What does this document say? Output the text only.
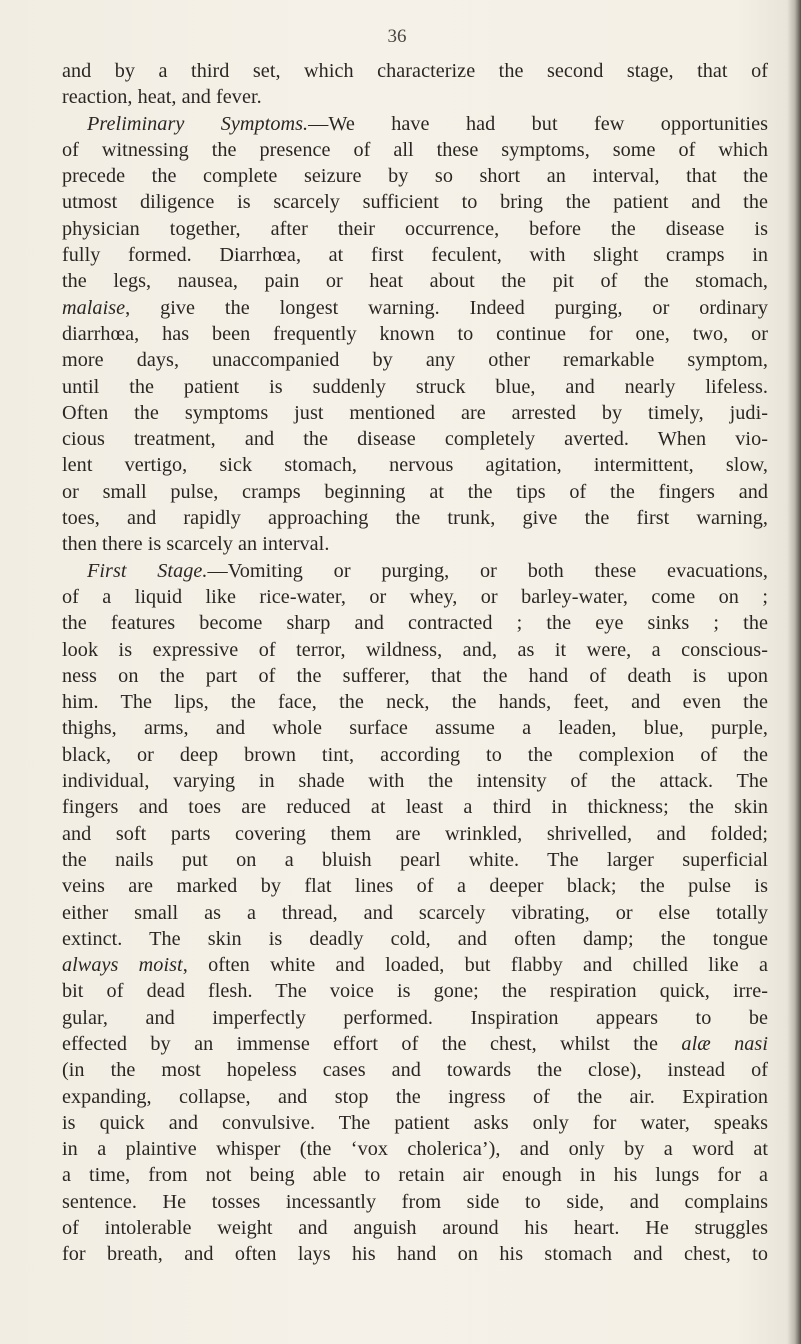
36
and by a third set, which characterize the second stage, that of
reaction, heat, and fever.
Preliminary Symptoms.—We have had but few opportunities
of witnessing the presence of all these symptoms, some of which
precede the complete seizure by so short an interval, that the
utmost diligence is scarcely sufficient to bring the patient and the
physician together, after their occurrence, before the disease is
fully formed. Diarrhœa, at first feculent, with slight cramps in
the legs, nausea, pain or heat about the pit of the stomach,
malaise, give the longest warning. Indeed purging, or ordinary
diarrhœa, has been frequently known to continue for one, two, or
more days, unaccompanied by any other remarkable symptom,
until the patient is suddenly struck blue, and nearly lifeless.
Often the symptoms just mentioned are arrested by timely, judi-
cious treatment, and the disease completely averted. When vio-
lent vertigo, sick stomach, nervous agitation, intermittent, slow,
or small pulse, cramps beginning at the tips of the fingers and
toes, and rapidly approaching the trunk, give the first warning,
then there is scarcely an interval.
First Stage.—Vomiting or purging, or both these evacuations,
of a liquid like rice-water, or whey, or barley-water, come on ;
the features become sharp and contracted ; the eye sinks ; the
look is expressive of terror, wildness, and, as it were, a conscious-
ness on the part of the sufferer, that the hand of death is upon
him. The lips, the face, the neck, the hands, feet, and even the
thighs, arms, and whole surface assume a leaden, blue, purple,
black, or deep brown tint, according to the complexion of the
individual, varying in shade with the intensity of the attack. The
fingers and toes are reduced at least a third in thickness; the skin
and soft parts covering them are wrinkled, shrivelled, and folded;
the nails put on a bluish pearl white. The larger superficial
veins are marked by flat lines of a deeper black; the pulse is
either small as a thread, and scarcely vibrating, or else totally
extinct. The skin is deadly cold, and often damp; the tongue
always moist, often white and loaded, but flabby and chilled like a
bit of dead flesh. The voice is gone; the respiration quick, irre-
gular, and imperfectly performed. Inspiration appears to be
effected by an immense effort of the chest, whilst the alæ nasi
(in the most hopeless cases and towards the close), instead of
expanding, collapse, and stop the ingress of the air. Expiration
is quick and convulsive. The patient asks only for water, speaks
in a plaintive whisper (the ‘vox cholerica’), and only by a word at
a time, from not being able to retain air enough in his lungs for a
sentence. He tosses incessantly from side to side, and complains
of intolerable weight and anguish around his heart. He struggles
for breath, and often lays his hand on his stomach and chest, to
